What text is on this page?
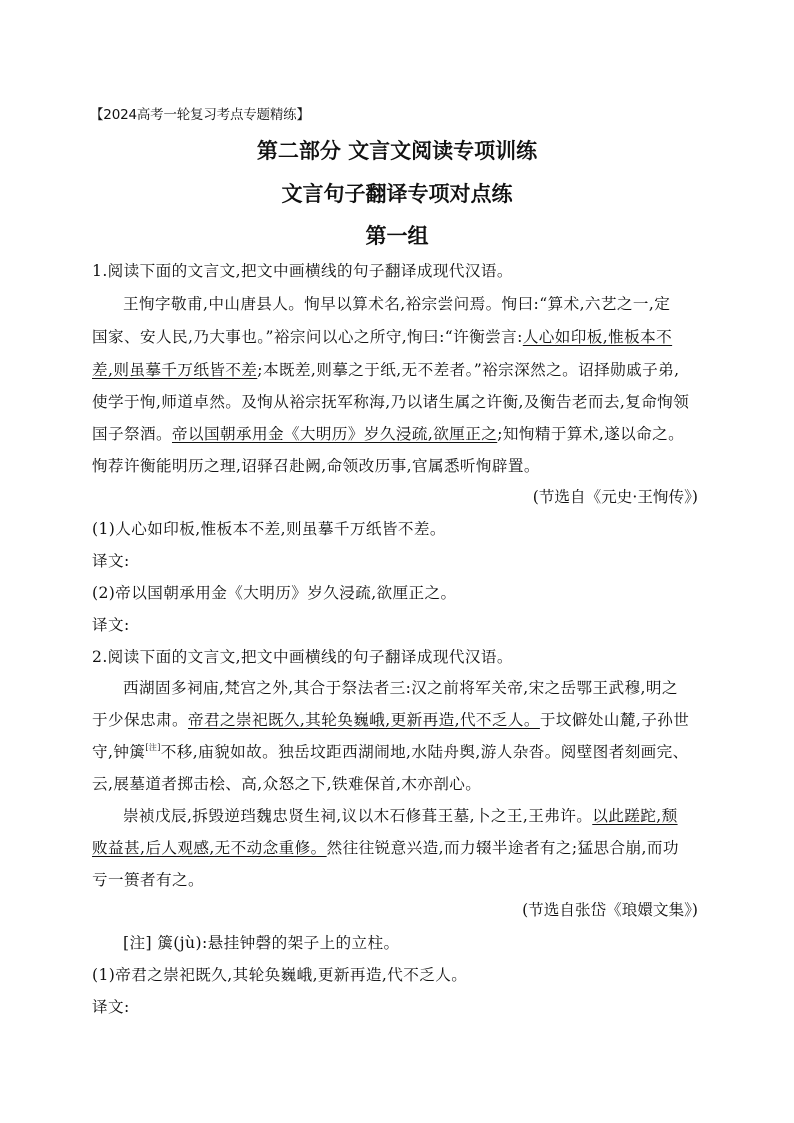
【2024高考一轮复习考点专题精练】
第二部分 文言文阅读专项训练
文言句子翻译专项对点练
第一组
1.阅读下面的文言文,把文中画横线的句子翻译成现代汉语。
王恂字敬甫,中山唐县人。恂早以算术名,裕宗尝问焉。恂曰:“算术,六艺之一,定
国家、安人民,乃大事也。”裕宗问以心之所守,恂曰:“许衡尝言:人心如印板,惟板本不
差,则虽摹千万纸皆不差;本既差,则摹之于纸,无不差者。”裕宗深然之。诏择勋戚子弟,
使学于恂,师道卓然。及恂从裕宗抚军称海,乃以诸生属之许衡,及衡告老而去,复命恂领
国子祭酒。帝以国朝承用金《大明历》岁久浸疏,欲厘正之;知恂精于算术,遂以命之。
恂荐许衡能明历之理,诏驿召赴阙,命领改历事,官属悉听恂辟置。
(节选自《元史·王恂传》)
(1)人心如印板,惟板本不差,则虽摹千万纸皆不差。
译文:
(2)帝以国朝承用金《大明历》岁久浸疏,欲厘正之。
译文:
2.阅读下面的文言文,把文中画横线的句子翻译成现代汉语。
西湖固多祠庙,梵宫之外,其合于祭法者三:汉之前将军关帝,宋之岳鄂王武穆,明之
于少保忠肃。帝君之崇祀既久,其轮奂巍峨,更新再造,代不乏人。于坟僻处山麓,子孙世
守,钟簴[注]不移,庙貌如故。独岳坟距西湖闹地,水陆舟舆,游人杂沓。阅壁图者刻画完、
云,展墓道者掷击桧、高,众怒之下,铁难保首,木亦剖心。
崇祯戊辰,拆毁逆珰魏忠贤生祠,议以木石修葺王墓,卜之王,王弗许。以此蹉跎,颓
败益甚,后人观感,无不动念重修。然往往锐意兴造,而力辍半途者有之;猛思合崩,而功
亏一篑者有之。
(节选自张岱《琅嬛文集》)
[注] 簴(jù):悬挂钟磬的架子上的立柱。
(1)帝君之崇祀既久,其轮奂巍峨,更新再造,代不乏人。
译文:
